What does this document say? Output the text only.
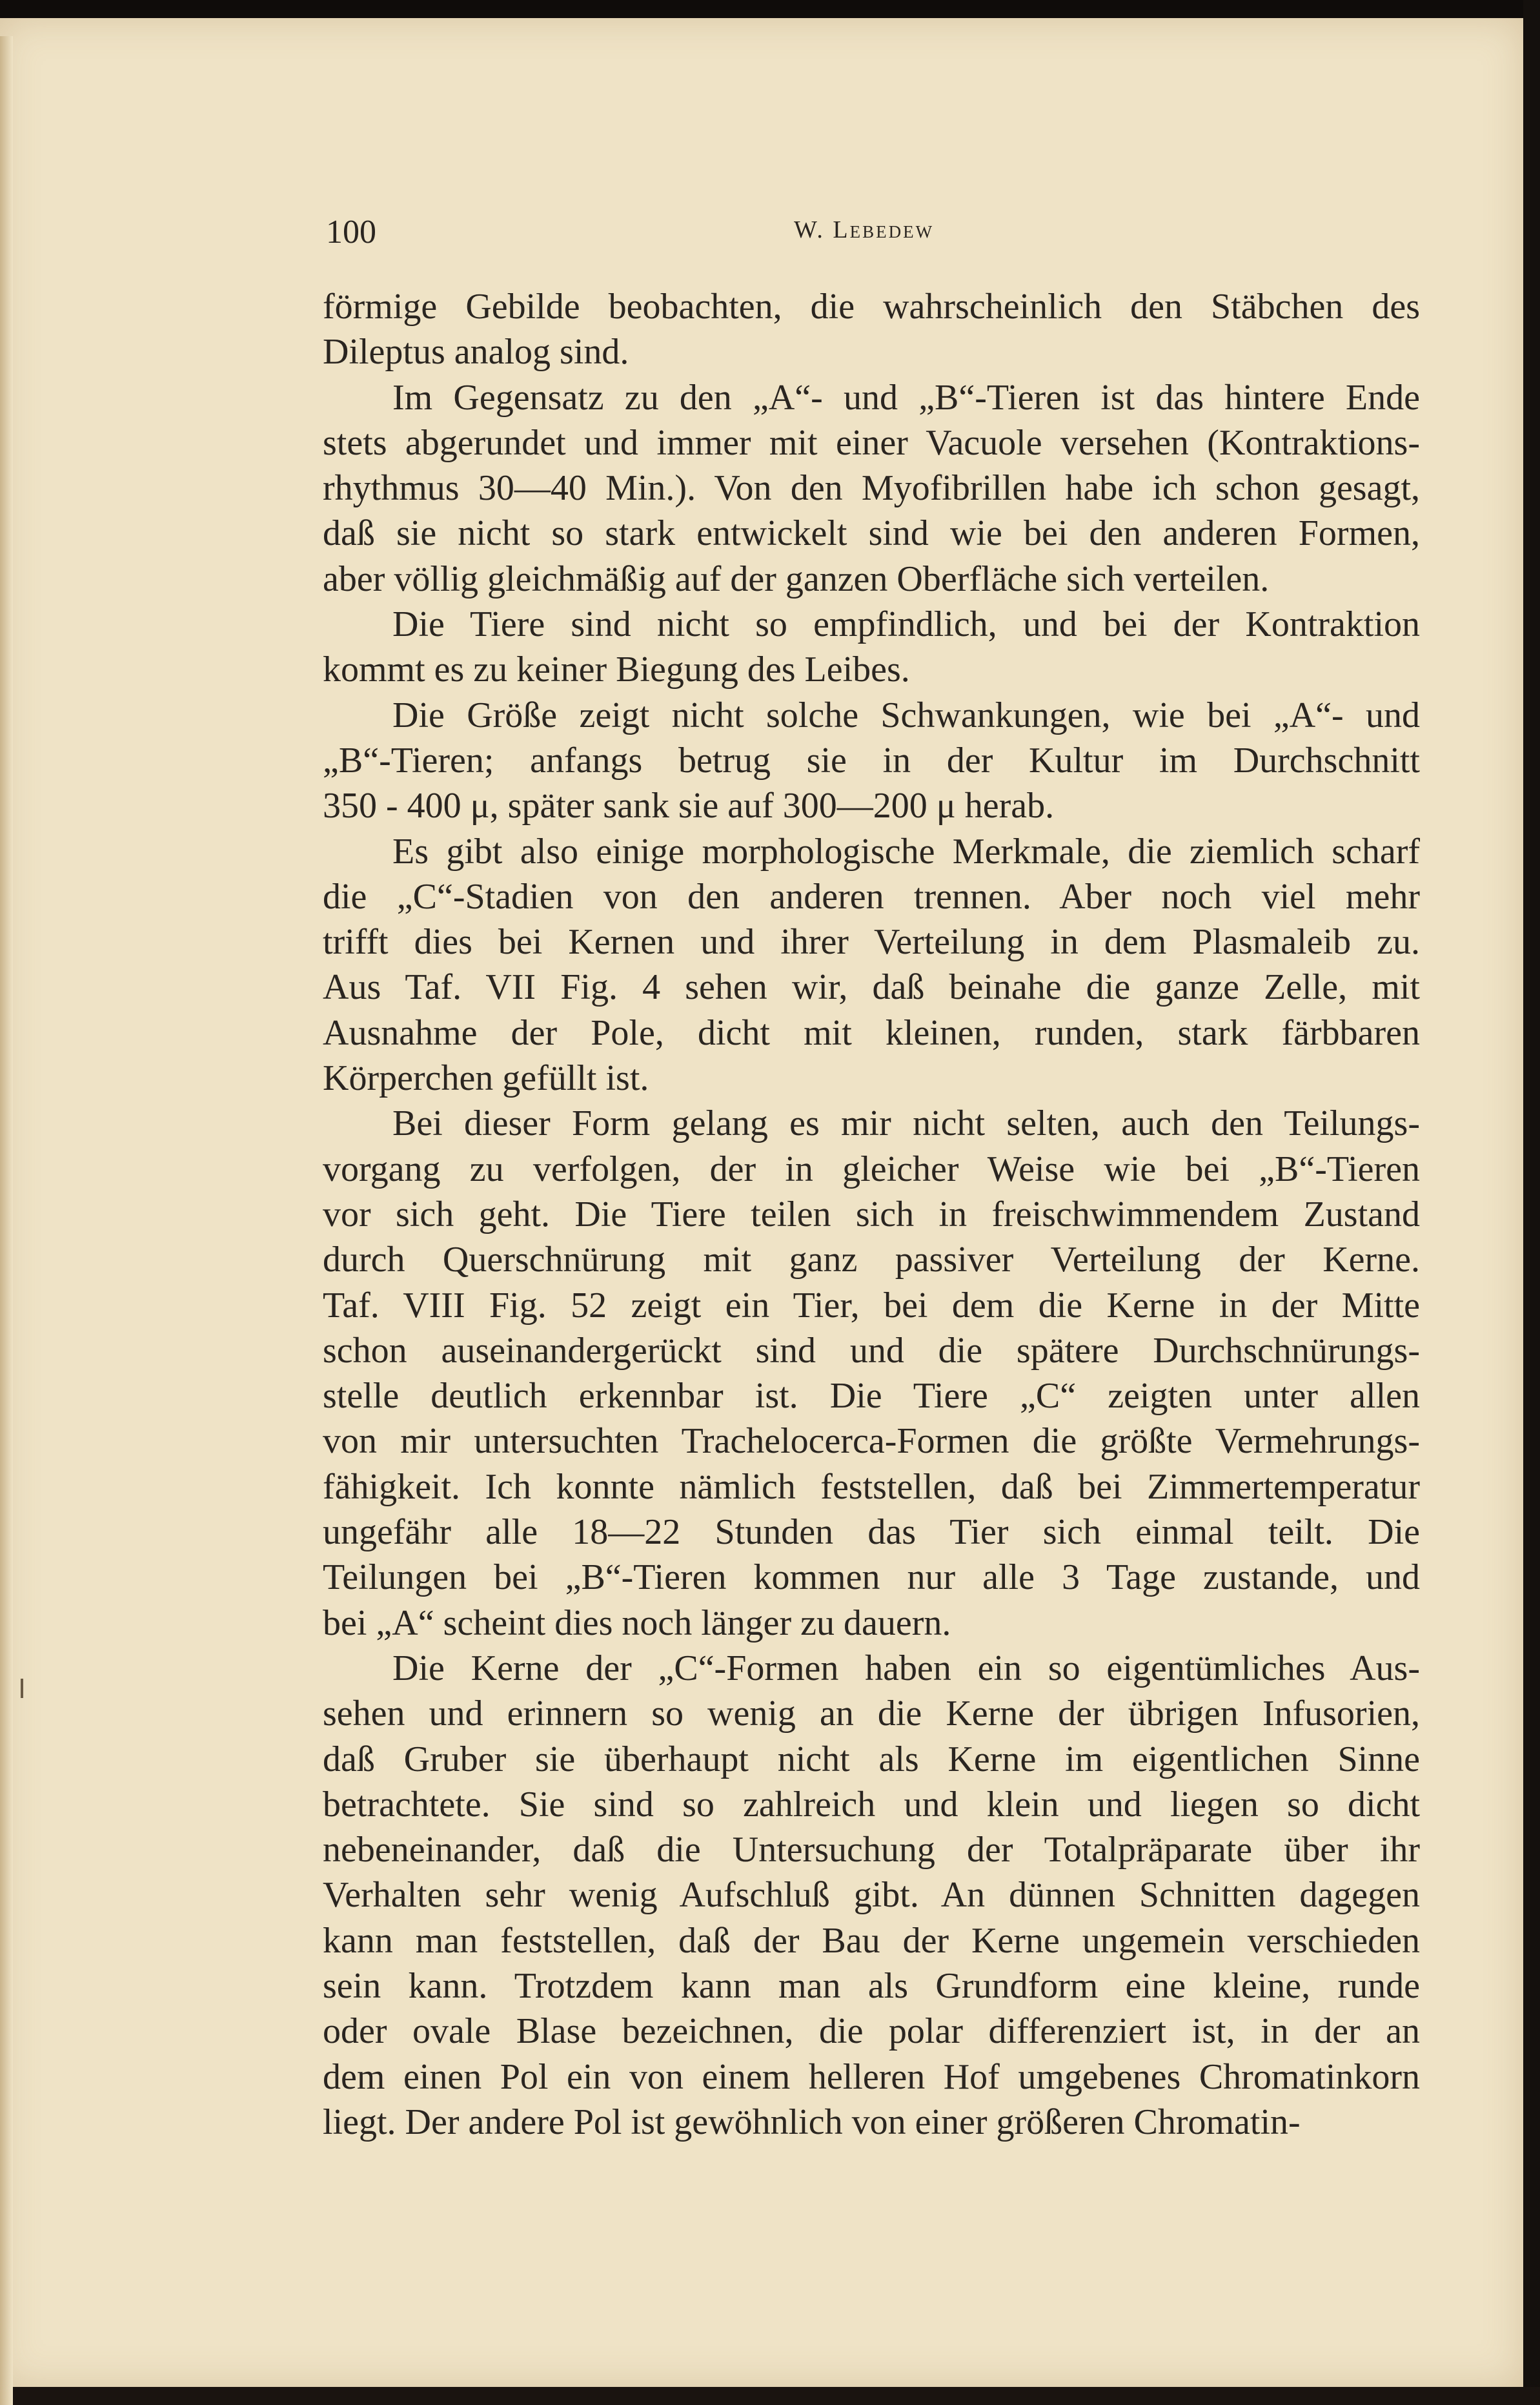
100	W. Lebedew

förmige Gebilde beobachten, die wahrscheinlich den Stäbchen des
Dileptus analog sind.

Im Gegensatz zu den „A“- und „B“-Tieren ist das hintere Ende
stets abgerundet und immer mit einer Vacuole versehen (Kontraktions-
rhythmus 30—40 Min.). Von den Myofibrillen habe ich schon gesagt,
daß sie nicht so stark entwickelt sind wie bei den anderen Formen,
aber völlig gleichmäßig auf der ganzen Oberfläche sich verteilen.

Die Tiere sind nicht so empfindlich, und bei der Kontraktion
kommt es zu keiner Biegung des Leibes.

Die Größe zeigt nicht solche Schwankungen, wie bei „A“- und
„B“-Tieren; anfangs betrug sie in der Kultur im Durchschnitt
350 - 400 μ, später sank sie auf 300—200 μ herab.

Es gibt also einige morphologische Merkmale, die ziemlich scharf
die „C“-Stadien von den anderen trennen. Aber noch viel mehr
trifft dies bei Kernen und ihrer Verteilung in dem Plasmaleib zu.
Aus Taf. VII Fig. 4 sehen wir, daß beinahe die ganze Zelle, mit
Ausnahme der Pole, dicht mit kleinen, runden, stark färbbaren
Körperchen gefüllt ist.

Bei dieser Form gelang es mir nicht selten, auch den Teilungs-
vorgang zu verfolgen, der in gleicher Weise wie bei „B“-Tieren
vor sich geht. Die Tiere teilen sich in freischwimmendem Zustand
durch Querschnürung mit ganz passiver Verteilung der Kerne.
Taf. VIII Fig. 52 zeigt ein Tier, bei dem die Kerne in der Mitte
schon auseinandergerückt sind und die spätere Durchschnürungs-
stelle deutlich erkennbar ist. Die Tiere „C“ zeigten unter allen
von mir untersuchten Trachelocerca-Formen die größte Vermehrungs-
fähigkeit. Ich konnte nämlich feststellen, daß bei Zimmertemperatur
ungefähr alle 18—22 Stunden das Tier sich einmal teilt. Die
Teilungen bei „B“-Tieren kommen nur alle 3 Tage zustande, und
bei „A“ scheint dies noch länger zu dauern.

Die Kerne der „C“-Formen haben ein so eigentümliches Aus-
sehen und erinnern so wenig an die Kerne der übrigen Infusorien,
daß Gruber sie überhaupt nicht als Kerne im eigentlichen Sinne
betrachtete. Sie sind so zahlreich und klein und liegen so dicht
nebeneinander, daß die Untersuchung der Totalpräparate über ihr
Verhalten sehr wenig Aufschluß gibt. An dünnen Schnitten dagegen
kann man feststellen, daß der Bau der Kerne ungemein verschieden
sein kann. Trotzdem kann man als Grundform eine kleine, runde
oder ovale Blase bezeichnen, die polar differenziert ist, in der an
dem einen Pol ein von einem helleren Hof umgebenes Chromatinkorn
liegt. Der andere Pol ist gewöhnlich von einer größeren Chromatin-
